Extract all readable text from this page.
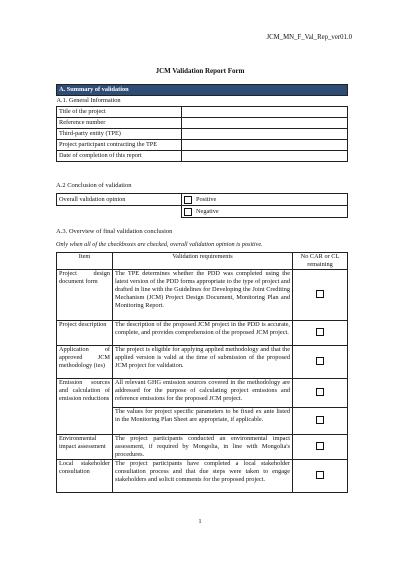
JCM_MN_F_Val_Rep_ver01.0
JCM Validation Report Form
A. Summary of validation	
A.1. General Information	
Title of the project	
Reference number	
Third-party entity (TPE)	
Project participant contracting the TPE	
Date of completion of this report	
A.2 Conclusion of validation
Overall validation opinion	Positive
	Negative
A.3. Overview of final validation conclusion
Only when all of the checkboxes are checked, overall validation opinion is positive.
Item	Validation requirements	No CAR or CL remaining
Project design document form	The TPE determines whether the PDD was completed using the latest version of the PDD forms appropriate to the type of project and drafted in line with the Guidelines for Developing the Joint Crediting Mechanism (JCM) Project Design Document, Monitoring Plan and Monitoring Report.	
Project description	The description of the proposed JCM project in the PDD is accurate, complete, and provides comprehension of the proposed JCM project.	
Application of approved JCM methodology (ies)	The project is eligible for applying applied methodology and that the applied version is valid at the time of submission of the proposed JCM project for validation.	
Emission sources and calculation of emission reductions	All relevant GHG emission sources covered in the methodology are addressed for the purpose of calculating project emissions and reference emissions for the proposed JCM project.	
	The values for project specific parameters to be fixed ex ante listed in the Monitoring Plan Sheet are appropriate, if applicable.	
Environmental impact assessment	The project participants conducted an environmental impact assessment, if required by Mongolia, in line with Mongolia's procedures.	
Local stakeholder consultation	The project participants have completed a local stakeholder consultation process and that due steps were taken to engage stakeholders and solicit comments for the proposed project.	
1
